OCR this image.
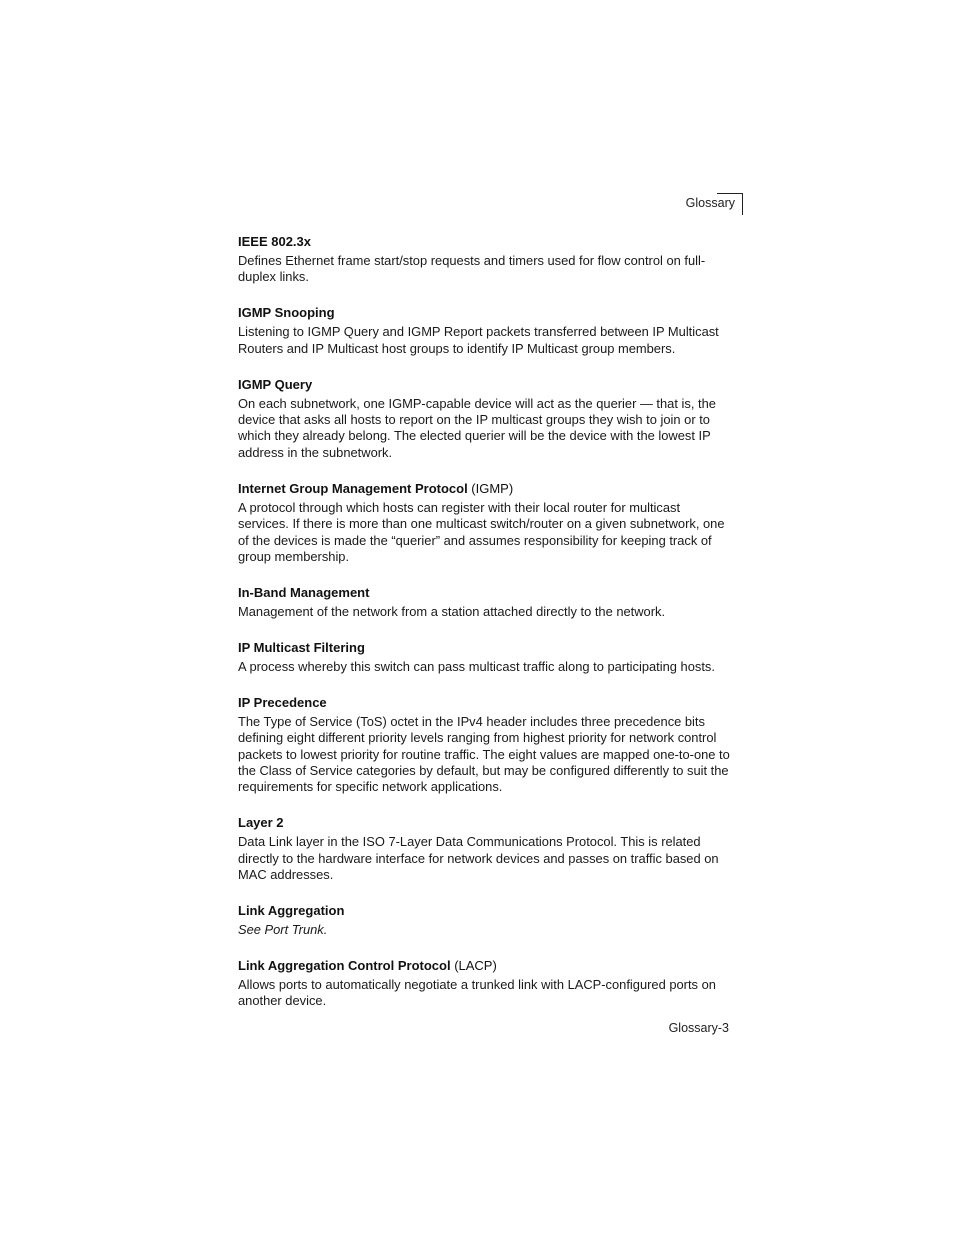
Glossary
IEEE 802.3x

Defines Ethernet frame start/stop requests and timers used for flow control on full-duplex links.

IGMP Snooping

Listening to IGMP Query and IGMP Report packets transferred between IP Multicast Routers and IP Multicast host groups to identify IP Multicast group members.

IGMP Query

On each subnetwork, one IGMP-capable device will act as the querier — that is, the device that asks all hosts to report on the IP multicast groups they wish to join or to which they already belong. The elected querier will be the device with the lowest IP address in the subnetwork.

Internet Group Management Protocol (IGMP)

A protocol through which hosts can register with their local router for multicast services. If there is more than one multicast switch/router on a given subnetwork, one of the devices is made the “querier” and assumes responsibility for keeping track of group membership.

In-Band Management

Management of the network from a station attached directly to the network.

IP Multicast Filtering

A process whereby this switch can pass multicast traffic along to participating hosts.

IP Precedence

The Type of Service (ToS) octet in the IPv4 header includes three precedence bits defining eight different priority levels ranging from highest priority for network control packets to lowest priority for routine traffic. The eight values are mapped one-to-one to the Class of Service categories by default, but may be configured differently to suit the requirements for specific network applications.

Layer 2

Data Link layer in the ISO 7-Layer Data Communications Protocol. This is related directly to the hardware interface for network devices and passes on traffic based on MAC addresses.

Link Aggregation

See Port Trunk.

Link Aggregation Control Protocol (LACP)

Allows ports to automatically negotiate a trunked link with LACP-configured ports on another device.

Glossary-3
